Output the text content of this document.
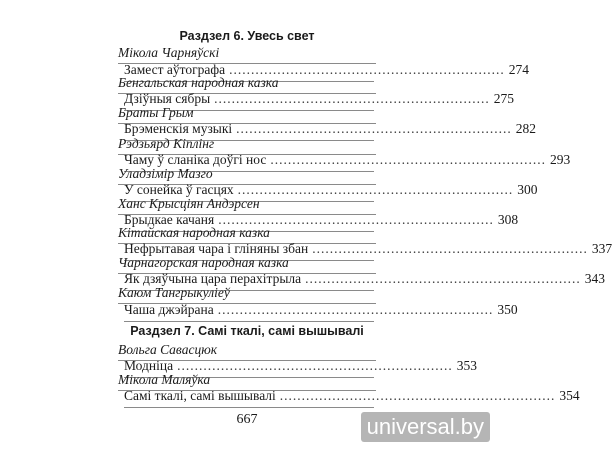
Раздзел 6. Увесь свет
Мікола Чарняўскі
Замест аўтографа ............................................................... 274
Бенгальская народная казка
Дзіўныя сябры ............................................................... 275
Браты Грым
Брэменскія музыкі ............................................................... 282
Рэдзьярд Кіплінг
Чаму ў сланіка доўгі нос ............................................................... 293
Уладзімір Мазго
У сонейка ў гасцях ............................................................... 300
Ханс Крысціян Андэрсен
Брыдкае качаня ............................................................... 308
Кітайская народная казка
Нефрытавая чара і гліняны збан ............................................................... 337
Чарнагорская народная казка
Як дзяўчына цара перахітрыла ............................................................... 343
Каюм Тангрыкуліеў
Чаша джэйрана ............................................................... 350
Раздзел 7. Самі ткалі, самі вышывалі
Вольга Савасцюк
Модніца ............................................................... 353
Мікола Маляўка
Самі ткалі, самі вышывалі ............................................................... 354
667	universal.by
